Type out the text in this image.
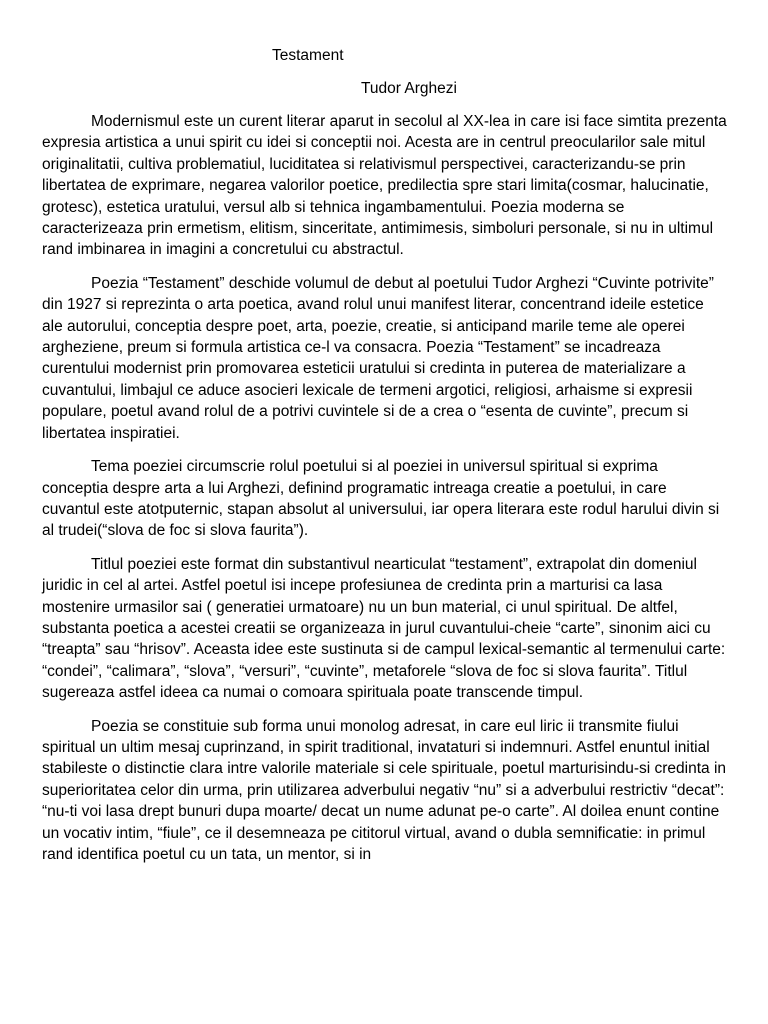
Testament
Tudor Arghezi

Modernismul este un curent literar aparut in secolul al XX-lea in care isi face simtita prezenta expresia artistica a unui spirit cu idei si conceptii noi. Acesta are in centrul preocularilor sale mitul originalitatii, cultiva problematiul, luciditatea si relativismul perspectivei, caracterizandu-se prin libertatea de exprimare, negarea valorilor poetice, predilectia spre stari limita(cosmar, halucinatie, grotesc), estetica uratului, versul alb si tehnica ingambamentului. Poezia moderna se caracterizeaza prin ermetism, elitism, sinceritate, antimimesis, simboluri personale, si nu in ultimul rand imbinarea in imagini a concretului cu abstractul.

Poezia “Testament” deschide volumul de debut al poetului Tudor Arghezi “Cuvinte potrivite” din 1927 si reprezinta o arta poetica, avand rolul unui manifest literar, concentrand ideile estetice ale autorului, conceptia despre poet, arta, poezie, creatie, si anticipand marile teme ale operei argheziene, preum si formula artistica ce-l va consacra. Poezia “Testament” se incadreaza curentului modernist prin promovarea esteticii uratului si credinta in puterea de materializare a cuvantului, limbajul ce aduce asocieri lexicale de termeni argotici, religiosi, arhaisme si expresii populare, poetul avand rolul de a potrivi cuvintele si de a crea o “esenta de cuvinte”, precum si libertatea inspiratiei.

Tema poeziei circumscrie rolul poetului si al poeziei in universul spiritual si exprima conceptia despre arta a lui Arghezi, definind programatic intreaga creatie a poetului, in care cuvantul este atotputernic, stapan absolut al universului, iar opera literara este rodul harului divin si al trudei(“slova de foc si slova faurita”).

Titlul poeziei este format din substantivul nearticulat “testament”, extrapolat din domeniul juridic in cel al artei. Astfel poetul isi incepe profesiunea de credinta prin a marturisi ca lasa mostenire urmasilor sai ( generatiei urmatoare) nu un bun material, ci unul spiritual. De altfel, substanta poetica a acestei creatii se organizeaza in jurul cuvantului-cheie “carte”, sinonim aici cu “treapta” sau “hrisov”. Aceasta idee este sustinuta si de campul lexical-semantic al termenului carte: “condei”, “calimara”, “slova”, “versuri”, “cuvinte”, metaforele “slova de foc si slova faurita”. Titlul sugereaza astfel ideea ca numai o comoara spirituala poate transcende timpul.

Poezia se constituie sub forma unui monolog adresat, in care eul liric ii transmite fiului spiritual un ultim mesaj cuprinzand, in spirit traditional, invataturi si indemnuri. Astfel enuntul initial stabileste o distinctie clara intre valorile materiale si cele spirituale, poetul marturisindu-si credinta in superioritatea celor din urma, prin utilizarea adverbului negativ “nu” si a adverbului restrictiv “decat”: “nu-ti voi lasa drept bunuri dupa moarte/ decat un nume adunat pe-o carte”. Al doilea enunt contine un vocativ intim, “fiule”, ce il desemneaza pe cititorul virtual, avand o dubla semnificatie: in primul rand identifica poetul cu un tata, un mentor, si in
